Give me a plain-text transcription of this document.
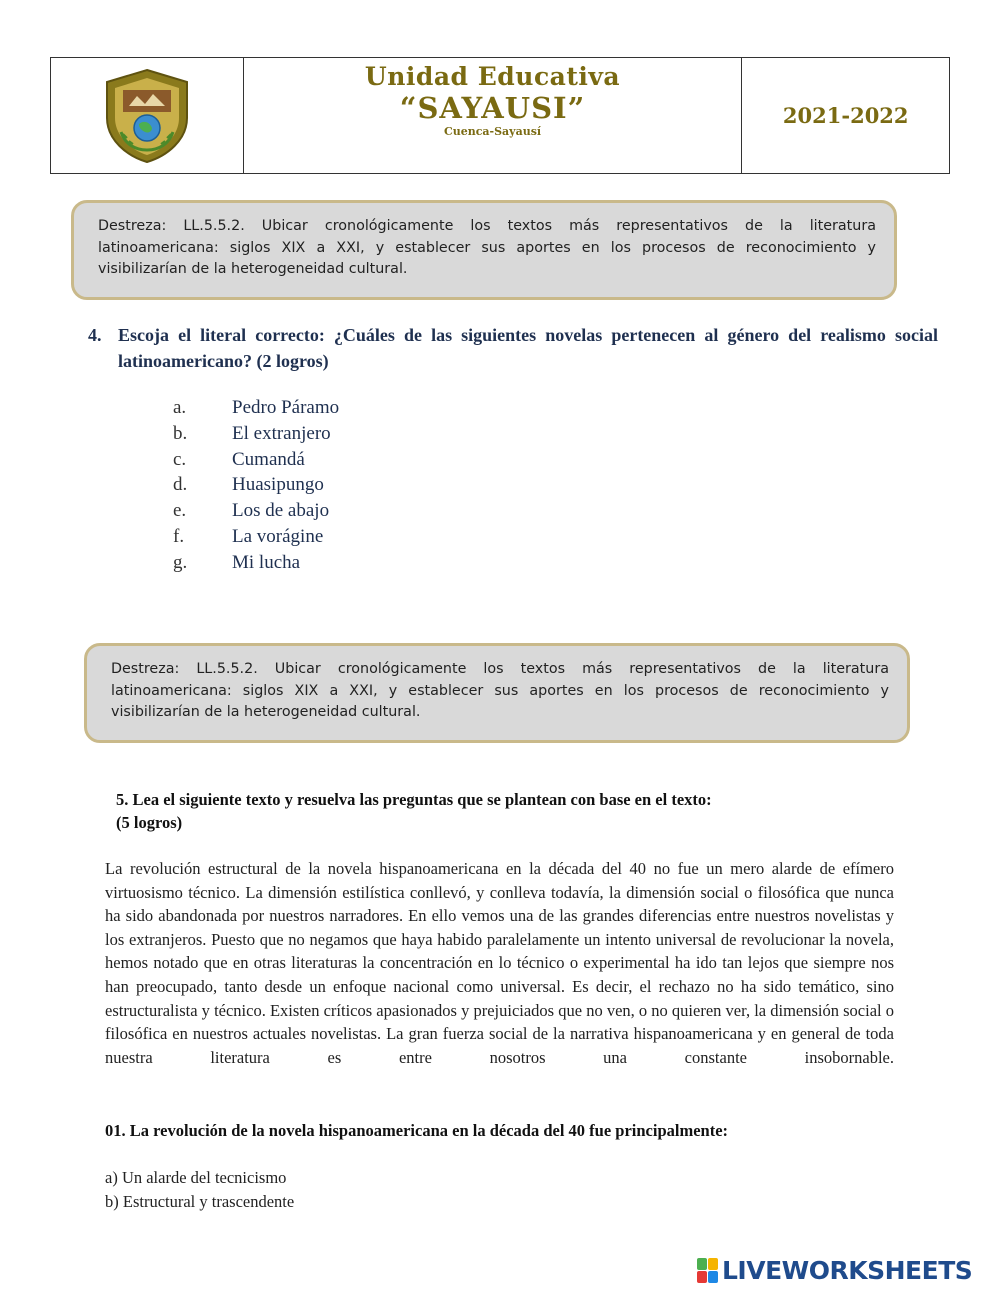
Unidad Educativa
“SAYAUSI”
Cuenca-Sayausí
2021-2022
Destreza: LL.5.5.2. Ubicar cronológicamente los textos más representativos de la literatura latinoamericana: siglos XIX a XXI, y establecer sus aportes en los procesos de reconocimiento y visibilizarían de la heterogeneidad cultural.
4. Escoja el literal correcto: ¿Cuáles de las siguientes novelas pertenecen al género del realismo social latinoamericano? (2 logros)
a.	Pedro Páramo
b.	El extranjero
c.	Cumandá
d.	Huasipungo
e.	Los de abajo
f.	La vorágine
g.	Mi lucha
Destreza: LL.5.5.2. Ubicar cronológicamente los textos más representativos de la literatura latinoamericana: siglos XIX a XXI, y establecer sus aportes en los procesos de reconocimiento y visibilizarían de la heterogeneidad cultural.
5. Lea el siguiente texto y resuelva las preguntas que se plantean con base en el texto:
(5 logros)
La revolución estructural de la novela hispanoamericana en la década del 40 no fue un mero alarde de efímero virtuosismo técnico. La dimensión estilística conllevó, y conlleva todavía, la dimensión social o filosófica que nunca ha sido abandonada por nuestros narradores. En ello vemos una de las grandes diferencias entre nuestros novelistas y los extranjeros. Puesto que no negamos que haya habido paralelamente un intento universal de revolucionar la novela, hemos notado que en otras literaturas la concentración en lo técnico o experimental ha ido tan lejos que siempre nos han preocupado, tanto desde un enfoque nacional como universal. Es decir, el rechazo no ha sido temático, sino estructuralista y técnico. Existen críticos apasionados y prejuiciados que no ven, o no quieren ver, la dimensión social o filosófica en nuestros actuales novelistas. La gran fuerza social de la narrativa hispanoamericana y en general de toda nuestra literatura es entre nosotros una constante insobornable.
01. La revolución de la novela hispanoamericana en la década del 40 fue principalmente:
a) Un alarde del tecnicismo
b) Estructural y trascendente
LIVEWORKSHEETS
